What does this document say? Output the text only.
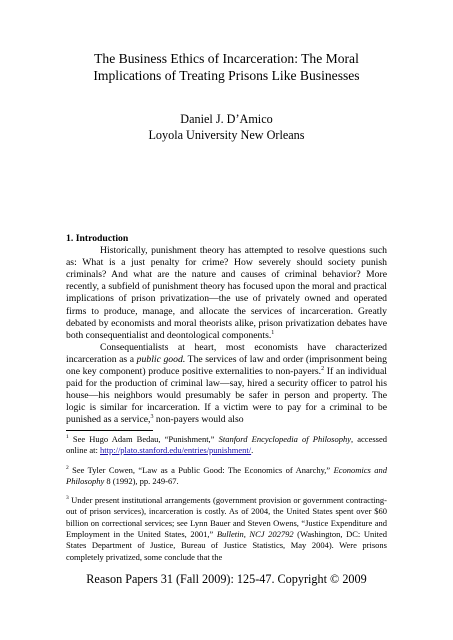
The Business Ethics of Incarceration: The Moral
Implications of Treating Prisons Like Businesses
Daniel J. D’Amico
Loyola University New Orleans

1. Introduction

Historically, punishment theory has attempted to resolve questions such as: What is a just penalty for crime? How severely should society punish criminals? And what are the nature and causes of criminal behavior? More recently, a subfield of punishment theory has focused upon the moral and practical implications of prison privatization—the use of privately owned and operated firms to produce, manage, and allocate the services of incarceration. Greatly debated by economists and moral theorists alike, prison privatization debates have both consequentialist and deontological components.$^1$

Consequentialists at heart, most economists have characterized incarceration as a public good. The services of law and order (imprisonment being one key component) produce positive externalities to non-payers.$^2$ If an individual paid for the production of criminal law—say, hired a security officer to patrol his house—his neighbors would presumably be safer in person and property. The logic is similar for incarceration. If a victim were to pay for a criminal to be punished as a service,$^3$ non-payers would also

$^1$ See Hugo Adam Bedau, “Punishment,” Stanford Encyclopedia of Philosophy, accessed online at: http://plato.stanford.edu/entries/punishment/.

$^2$ See Tyler Cowen, “Law as a Public Good: The Economics of Anarchy,” Economics and Philosophy 8 (1992), pp. 249-67.

$^3$ Under present institutional arrangements (government provision or government contracting-out of prison services), incarceration is costly. As of 2004, the United States spent over $60 billion on correctional services; see Lynn Bauer and Steven Owens, “Justice Expenditure and Employment in the United States, 2001,” Bulletin, NCJ 202792 (Washington, DC: United States Department of Justice, Bureau of Justice Statistics, May 2004). Were prisons completely privatized, some conclude that the

Reason Papers 31 (Fall 2009): 125-47. Copyright © 2009
